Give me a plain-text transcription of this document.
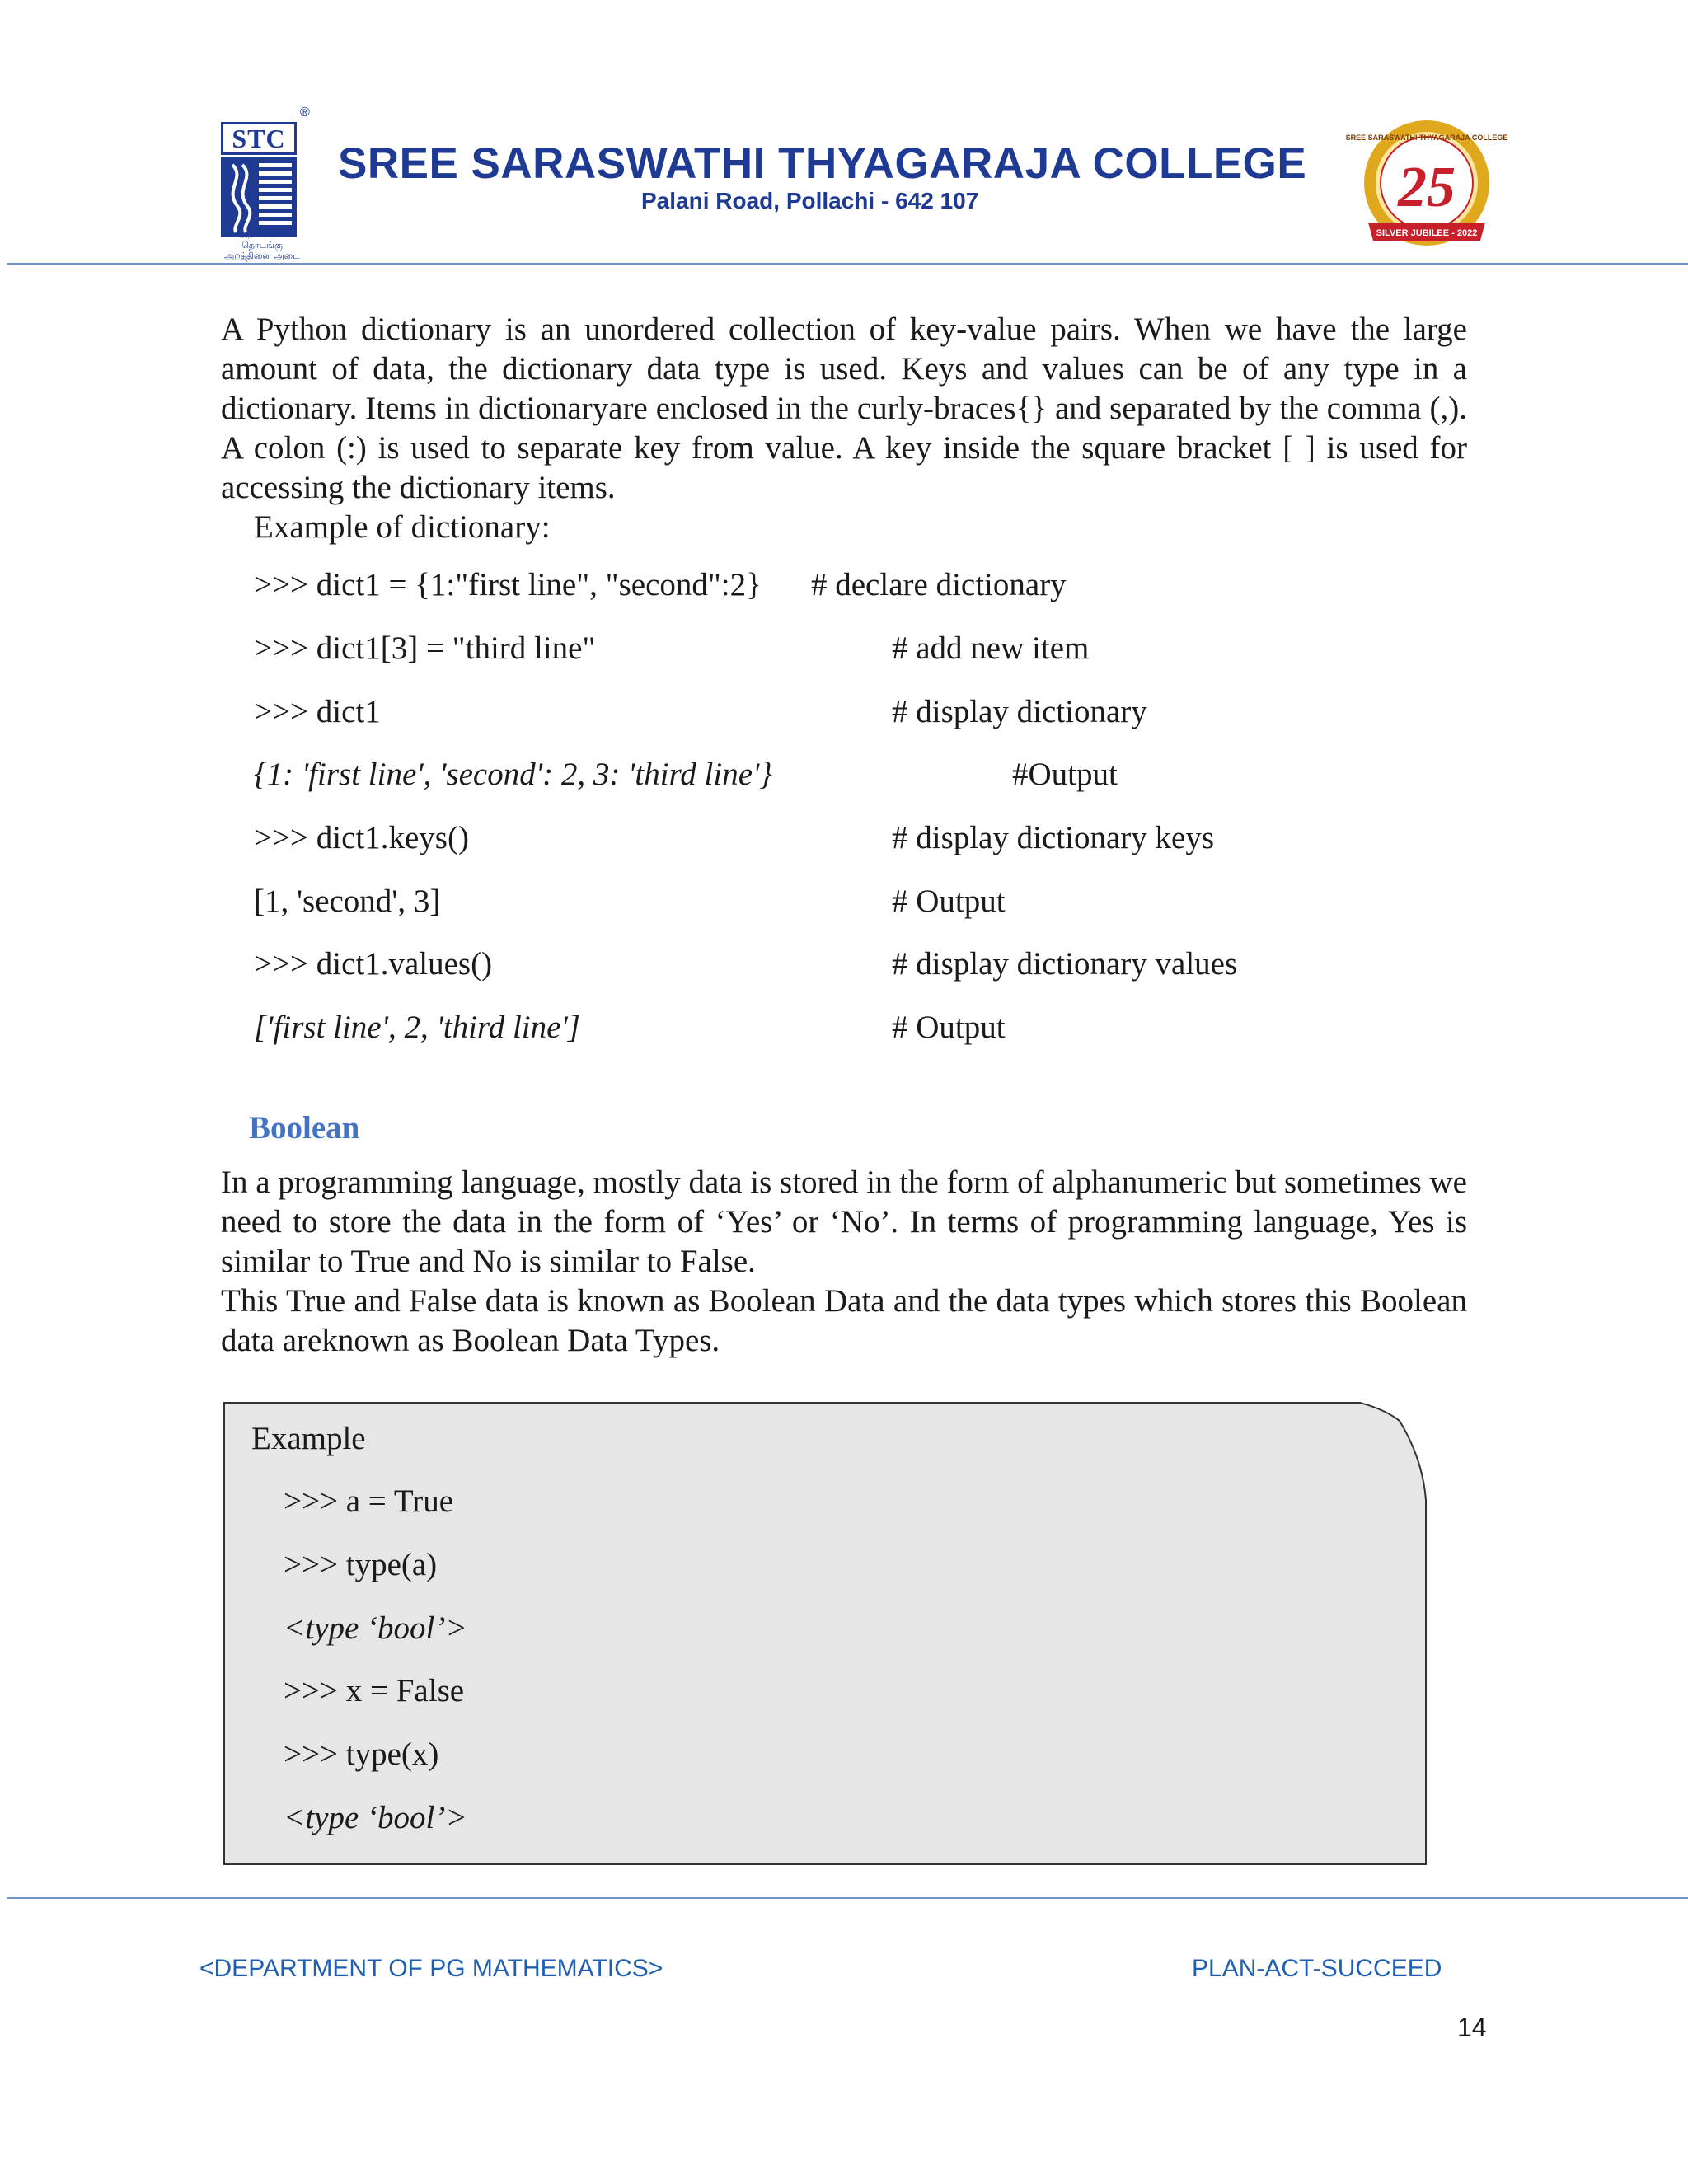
STC
®
அறிவினால் தொடங்கு அறத்தினை அடை
SREE SARASWATHI THYAGARAJA COLLEGE
Palani Road, Pollachi - 642 107
SREE SARASWATHI THYAGARAJA COLLEGE
25
SILVER JUBILEE - 2022
A Python dictionary is an unordered collection of key-value pairs. When we have the large amount of data, the dictionary data type is used. Keys and values can be of any type in a dictionary. Items in dictionaryare enclosed in the curly-braces{} and separated by the comma (,). A colon (:) is used to separate key from value. A key inside the square bracket [ ] is used for accessing the dictionary items.
Example of dictionary:
>>> dict1 = {1:"first line", "second":2} # declare dictionary
>>> dict1[3] = "third line"	# add new item
>>> dict1	# display dictionary
{1: 'first line', 'second': 2, 3: 'third line'}	#Output
>>> dict1.keys()	# display dictionary keys
[1, 'second', 3]	# Output
>>> dict1.values()	# display dictionary values
['first line', 2, 'third line']	# Output
Boolean
In a programming language, mostly data is stored in the form of alphanumeric but sometimes we need to store the data in the form of ‘Yes’ or ‘No’. In terms of programming language, Yes is similar to True and No is similar to False.
This True and False data is known as Boolean Data and the data types which stores this Boolean data areknown as Boolean Data Types.
Example
>>> a = True
>>> type(a)
<type ‘bool’>
>>> x = False
>>> type(x)
<type ‘bool’>
<DEPARTMENT OF PG MATHEMATICS>	PLAN-ACT-SUCCEED
14
